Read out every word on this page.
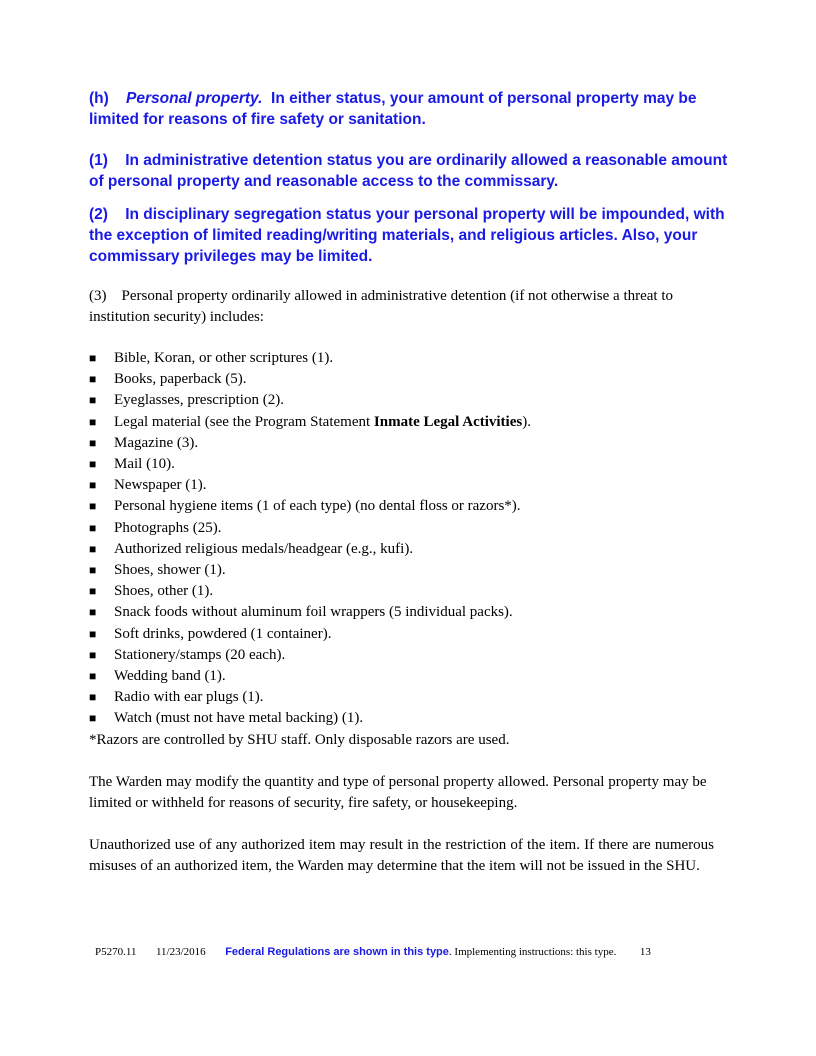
(h) Personal property. In either status, your amount of personal property may be limited for reasons of fire safety or sanitation.
(1) In administrative detention status you are ordinarily allowed a reasonable amount of personal property and reasonable access to the commissary.
(2) In disciplinary segregation status your personal property will be impounded, with the exception of limited reading/writing materials, and religious articles. Also, your commissary privileges may be limited.
(3) Personal property ordinarily allowed in administrative detention (if not otherwise a threat to institution security) includes:
■ Bible, Koran, or other scriptures (1).
■ Books, paperback (5).
■ Eyeglasses, prescription (2).
■ Legal material (see the Program Statement Inmate Legal Activities).
■ Magazine (3).
■ Mail (10).
■ Newspaper (1).
■ Personal hygiene items (1 of each type) (no dental floss or razors*).
■ Photographs (25).
■ Authorized religious medals/headgear (e.g., kufi).
■ Shoes, shower (1).
■ Shoes, other (1).
■ Snack foods without aluminum foil wrappers (5 individual packs).
■ Soft drinks, powdered (1 container).
■ Stationery/stamps (20 each).
■ Wedding band (1).
■ Radio with ear plugs (1).
■ Watch (must not have metal backing) (1).
*Razors are controlled by SHU staff. Only disposable razors are used.
The Warden may modify the quantity and type of personal property allowed. Personal property may be limited or withheld for reasons of security, fire safety, or housekeeping.
Unauthorized use of any authorized item may result in the restriction of the item. If there are numerous misuses of an authorized item, the Warden may determine that the item will not be issued in the SHU.
P5270.11 11/23/2016 Federal Regulations are shown in this type. Implementing instructions: this type. 13
